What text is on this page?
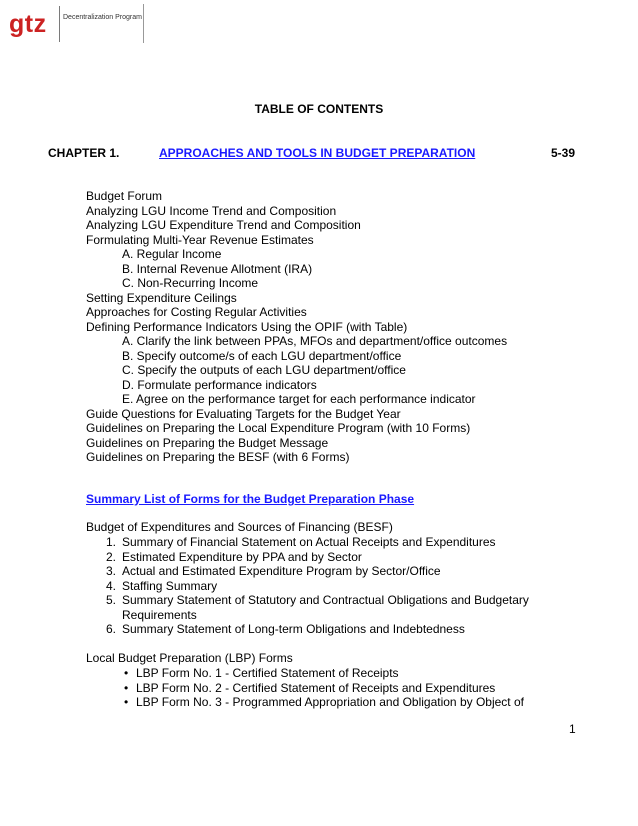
gtz Decentralization Program
TABLE OF CONTENTS
CHAPTER 1.	APPROACHES AND TOOLS IN BUDGET PREPARATION	5-39
Budget Forum
Analyzing LGU Income Trend and Composition
Analyzing LGU Expenditure Trend and Composition
Formulating Multi-Year Revenue Estimates
A. Regular Income
B. Internal Revenue Allotment (IRA)
C. Non-Recurring Income
Setting Expenditure Ceilings
Approaches for Costing Regular Activities
Defining Performance Indicators Using the OPIF (with Table)
A. Clarify the link between PPAs, MFOs and department/office outcomes
B. Specify outcome/s of each LGU department/office
C. Specify the outputs of each LGU department/office
D. Formulate performance indicators
E. Agree on the performance target for each performance indicator
Guide Questions for Evaluating Targets for the Budget Year
Guidelines on Preparing the Local Expenditure Program (with 10 Forms)
Guidelines on Preparing the Budget Message
Guidelines on Preparing the BESF (with 6 Forms)
Summary List of Forms for the Budget Preparation Phase
Budget of Expenditures and Sources of Financing (BESF)
1. Summary of Financial Statement on Actual Receipts and Expenditures
2. Estimated Expenditure by PPA and by Sector
3. Actual and Estimated Expenditure Program by Sector/Office
4. Staffing Summary
5. Summary Statement of Statutory and Contractual Obligations and Budgetary
Requirements
6. Summary Statement of Long-term Obligations and Indebtedness
Local Budget Preparation (LBP) Forms
• LBP Form No. 1 - Certified Statement of Receipts
• LBP Form No. 2 - Certified Statement of Receipts and Expenditures
• LBP Form No. 3 - Programmed Appropriation and Obligation by Object of
1
